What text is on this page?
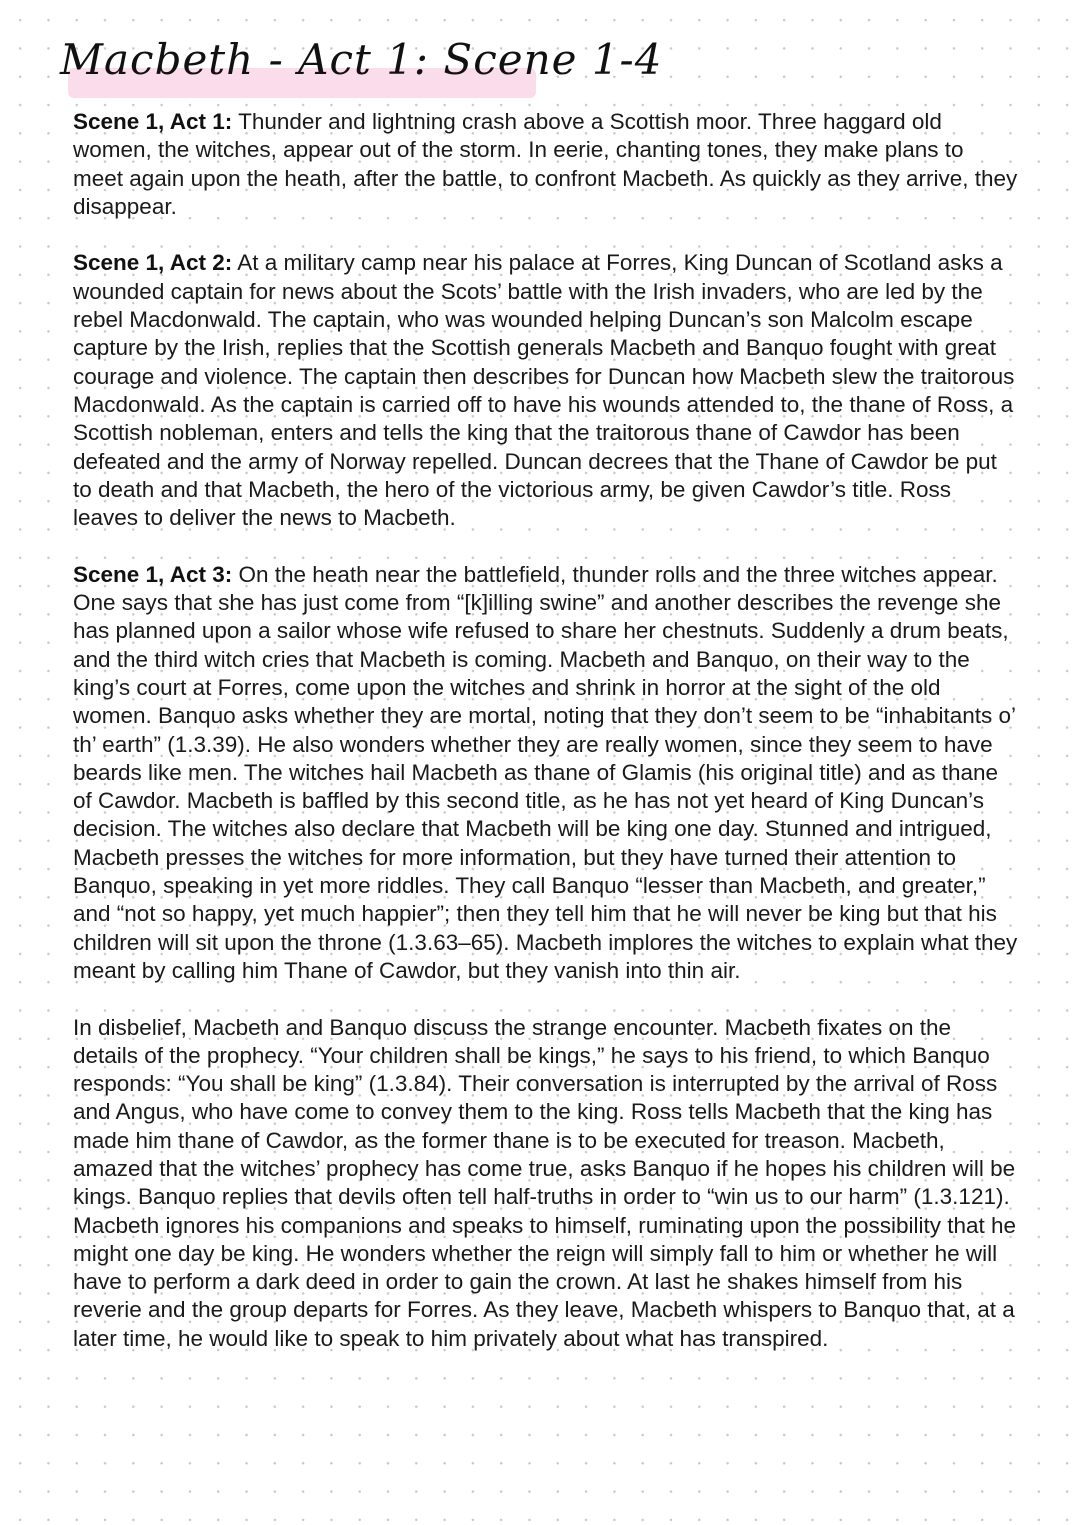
Macbeth - Act 1: Scene 1-4

Scene 1, Act 1: Thunder and lightning crash above a Scottish moor. Three haggard old women, the witches, appear out of the storm. In eerie, chanting tones, they make plans to meet again upon the heath, after the battle, to confront Macbeth. As quickly as they arrive, they disappear.

Scene 1, Act 2: At a military camp near his palace at Forres, King Duncan of Scotland asks a wounded captain for news about the Scots’ battle with the Irish invaders, who are led by the rebel Macdonwald. The captain, who was wounded helping Duncan’s son Malcolm escape capture by the Irish, replies that the Scottish generals Macbeth and Banquo fought with great courage and violence. The captain then describes for Duncan how Macbeth slew the traitorous Macdonwald. As the captain is carried off to have his wounds attended to, the thane of Ross, a Scottish nobleman, enters and tells the king that the traitorous thane of Cawdor has been defeated and the army of Norway repelled. Duncan decrees that the Thane of Cawdor be put to death and that Macbeth, the hero of the victorious army, be given Cawdor’s title. Ross leaves to deliver the news to Macbeth.

Scene 1, Act 3: On the heath near the battlefield, thunder rolls and the three witches appear. One says that she has just come from “[k]illing swine” and another describes the revenge she has planned upon a sailor whose wife refused to share her chestnuts. Suddenly a drum beats, and the third witch cries that Macbeth is coming. Macbeth and Banquo, on their way to the king’s court at Forres, come upon the witches and shrink in horror at the sight of the old women. Banquo asks whether they are mortal, noting that they don’t seem to be “inhabitants o’ th’ earth” (1.3.39). He also wonders whether they are really women, since they seem to have beards like men. The witches hail Macbeth as thane of Glamis (his original title) and as thane of Cawdor. Macbeth is baffled by this second title, as he has not yet heard of King Duncan’s decision. The witches also declare that Macbeth will be king one day. Stunned and intrigued, Macbeth presses the witches for more information, but they have turned their attention to Banquo, speaking in yet more riddles. They call Banquo “lesser than Macbeth, and greater,” and “not so happy, yet much happier”; then they tell him that he will never be king but that his children will sit upon the throne (1.3.63–65). Macbeth implores the witches to explain what they meant by calling him Thane of Cawdor, but they vanish into thin air.

In disbelief, Macbeth and Banquo discuss the strange encounter. Macbeth fixates on the details of the prophecy. “Your children shall be kings,” he says to his friend, to which Banquo responds: “You shall be king” (1.3.84). Their conversation is interrupted by the arrival of Ross and Angus, who have come to convey them to the king. Ross tells Macbeth that the king has made him thane of Cawdor, as the former thane is to be executed for treason. Macbeth, amazed that the witches’ prophecy has come true, asks Banquo if he hopes his children will be kings. Banquo replies that devils often tell half-truths in order to “win us to our harm” (1.3.121). Macbeth ignores his companions and speaks to himself, ruminating upon the possibility that he might one day be king. He wonders whether the reign will simply fall to him or whether he will have to perform a dark deed in order to gain the crown. At last he shakes himself from his reverie and the group departs for Forres. As they leave, Macbeth whispers to Banquo that, at a later time, he would like to speak to him privately about what has transpired.
